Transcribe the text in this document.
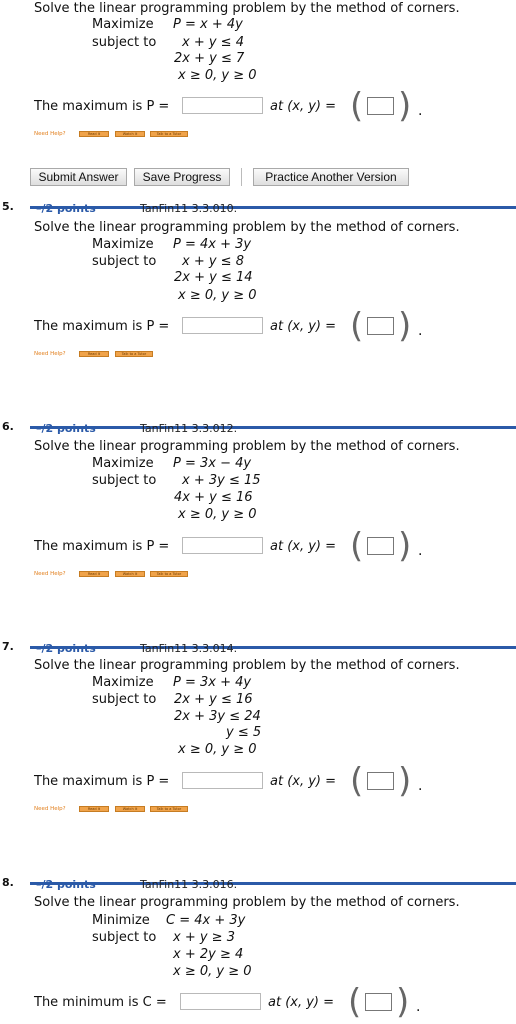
Solve the linear programming problem by the method of corners.
Maximize P = x + 4y
subject to x + y ≤ 4
2x + y ≤ 7
x ≥ 0, y ≥ 0
The maximum is P =	at (x, y) = ( ) .
Need Help?	Read It	Watch It	Talk to a Tutor
Submit Answer	Save Progress	Practice Another Version
5. –/2 points	TanFin11 3.3.010.
Solve the linear programming problem by the method of corners.
Maximize P = 4x + 3y
subject to x + y ≤ 8
2x + y ≤ 14
x ≥ 0, y ≥ 0
The maximum is P =	at (x, y) = ( ) .
Need Help?	Read It	Talk to a Tutor
6. –/2 points	TanFin11 3.3.012.
Solve the linear programming problem by the method of corners.
Maximize P = 3x − 4y
subject to x + 3y ≤ 15
4x + y ≤ 16
x ≥ 0, y ≥ 0
The maximum is P =	at (x, y) = ( ) .
Need Help?	Read It	Watch It	Talk to a Tutor
7. –/2 points	TanFin11 3.3.014.
Solve the linear programming problem by the method of corners.
Maximize P = 3x + 4y
subject to 2x + y ≤ 16
2x + 3y ≤ 24
y ≤ 5
x ≥ 0, y ≥ 0
The maximum is P =	at (x, y) = ( ) .
Need Help?	Read It	Watch It	Talk to a Tutor
8. –/2 points	TanFin11 3.3.016.
Solve the linear programming problem by the method of corners.
Minimize C = 4x + 3y
subject to x + y ≥ 3
x + 2y ≥ 4
x ≥ 0, y ≥ 0
The minimum is C =	at (x, y) = ( ) .
